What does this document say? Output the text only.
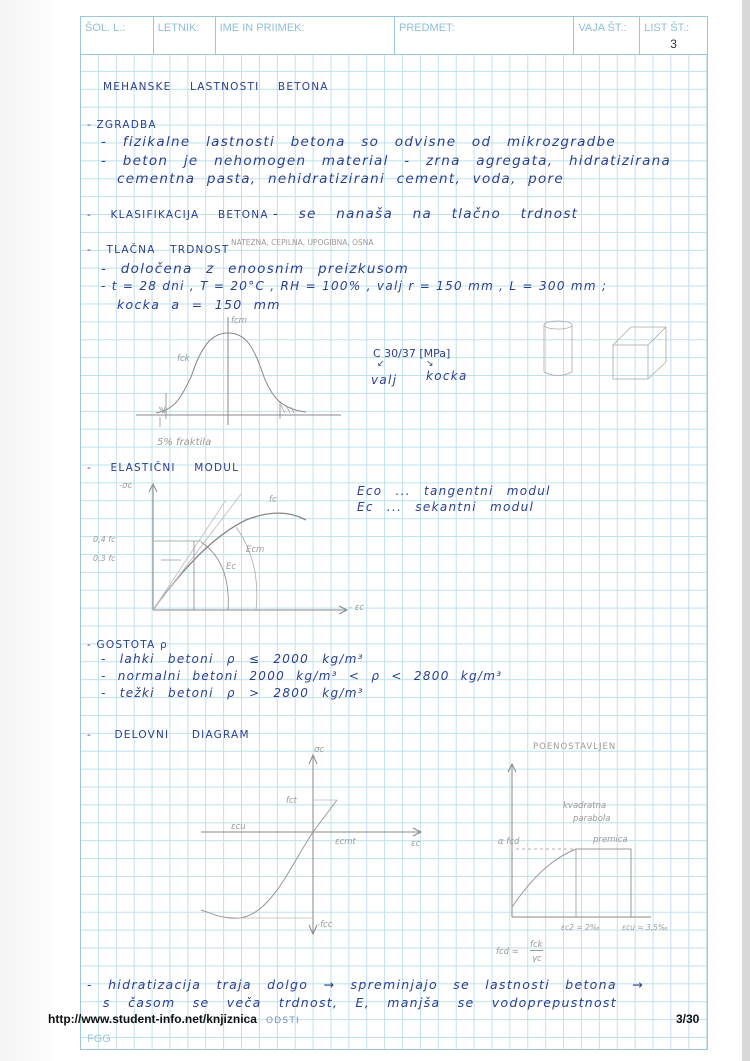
ŠOL. L.:	LETNIK:	IME IN PRIIMEK:	PREDMET:	VAJA ŠT.:	LIST ŠT.:
3
MEHANSKE LASTNOSTI BETONA
- ZGRADBA
- fizikalne lastnosti betona so odvisne od mikrozgradbe
- beton je nehomogen material - zrna agregata, hidratizirana
cementna pasta, nehidratizirani cement, voda, pore
- KLASIFIKACIJA BETONA - se nanaša na tlačno trdnost
- TLAČNA TRDNOST
NATEZNA, CEPILNA, UPOGIBNA, OSNA
- določena z enoosnim preizkusom
- t = 28 dni , T = 20°C , RH = 100% , valj r = 150 mm , L = 300 mm ;
kocka a = 150 mm
fcm
fck
5% fraktila
C 30/37 [MPa]
↙	↘
valj kocka
- ELASTIČNI MODUL
-σc
- εc
fc
0,4 fc
0,3 fc
Ec
Ecm
Eco ... tangentni modul
Ec ... sekantni modul
- GOSTOTA ρ
- lahki betoni ρ ≤ 2000 kg/m³
- normalni betoni 2000 kg/m³ < ρ < 2800 kg/m³
- težki betoni ρ > 2800 kg/m³
- DELOVNI DIAGRAM
σc
εc
fct
-fcc
εcu
εcmt
POENOSTAVLJEN
α fcd
kvadratna
parabola
premica
εc2 = 2‰	εcu = 3,5‰
fcd =
fck
γc
- hidratizacija traja dolgo → spreminjajo se lastnosti betona →
s časom se veča trdnost, E, manjša se vodoprepustnost
ODSTI
FGG
http://www.student-info.net/knjiznica	3/30
